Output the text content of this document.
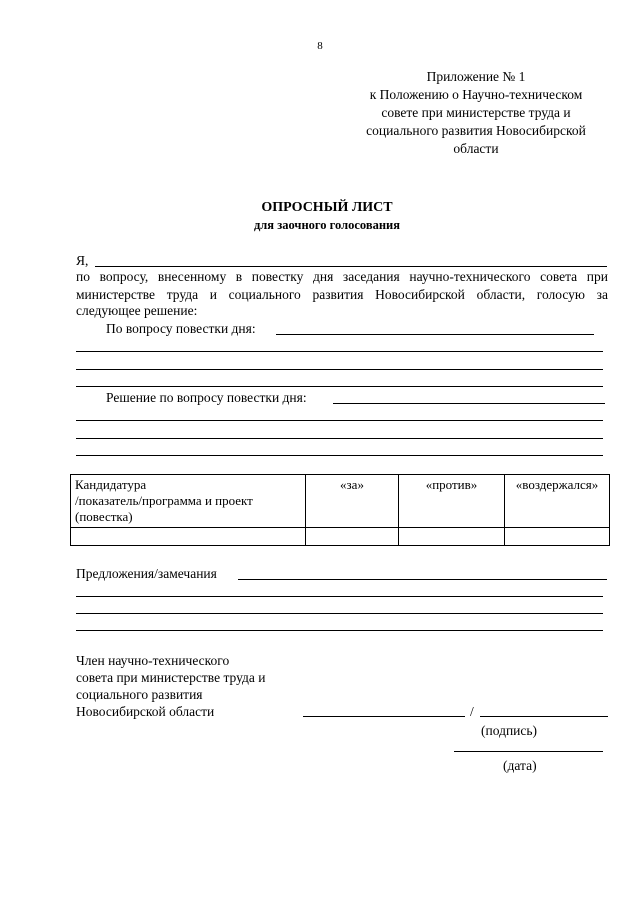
8
Приложение № 1
к Положению о Научно-техническом
совете при министерстве труда и
социального развития Новосибирской
области
ОПРОСНЫЙ ЛИСТ
для заочного голосования
Я,
по вопросу, внесенному в повестку дня заседания научно-технического совета при
министерстве труда и социального развития Новосибирской области, голосую за
следующее решение:
По вопросу повестки дня:
Решение по вопросу повестки дня:
Кандидатура
/показатель/программа и проект
(повестка)	«за»	«против»	«воздержался»

Предложения/замечания
Член научно-технического
совета при министерстве труда и
социального развития
Новосибирской области	/
(подпись)
(дата)
